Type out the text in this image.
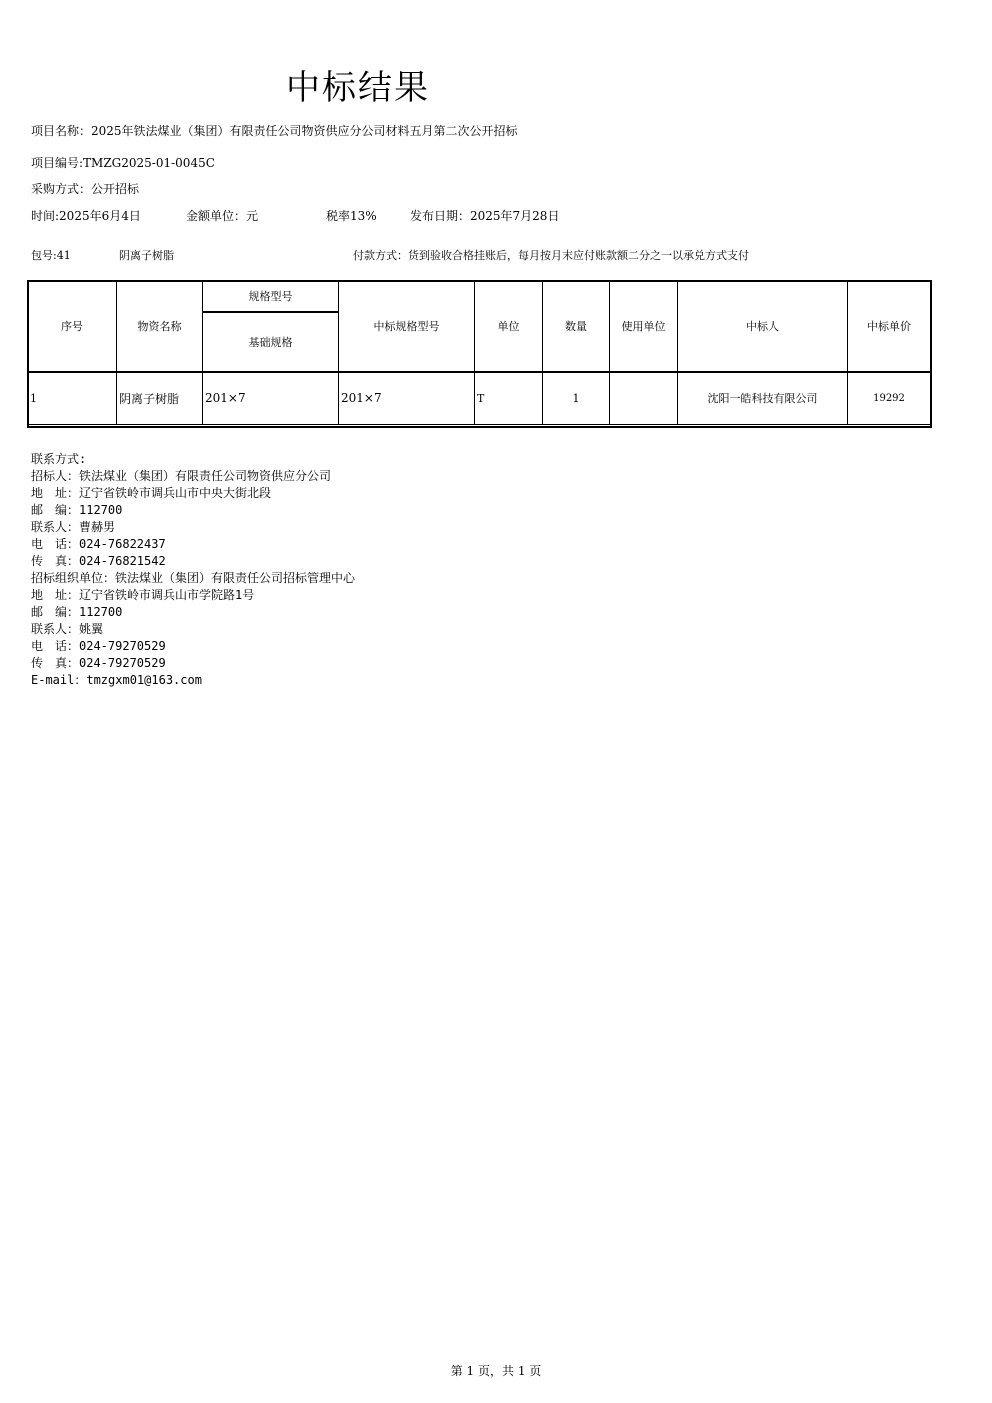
中标结果
项目名称：2025年铁法煤业（集团）有限责任公司物资供应分公司材料五月第二次公开招标
项目编号:TMZG2025-01-0045C
采购方式：公开招标
时间:2025年6月4日	金额单位：元	税率13%	发布日期：2025年7月28日
包号:41	阴离子树脂	付款方式：货到验收合格挂账后，每月按月末应付账款额二分之一以承兑方式支付
序号	物资名称	规格型号	中标规格型号	单位	数量	使用单位	中标人	中标单价
		基础规格						
1	阴离子树脂	201×7	201×7	T	1		沈阳一皓科技有限公司	19292
联系方式:
招标人：铁法煤业（集团）有限责任公司物资供应分公司
地　址：辽宁省铁岭市调兵山市中央大街北段
邮　编：112700
联系人：曹赫男
电　话：024-76822437
传　真：024-76821542
招标组织单位：铁法煤业（集团）有限责任公司招标管理中心
地　址：辽宁省铁岭市调兵山市学院路1号
邮　编：112700
联系人：姚翼
电　话：024-79270529
传　真：024-79270529
E-mail：tmzgxm01@163.com
第 1 页，共 1 页
